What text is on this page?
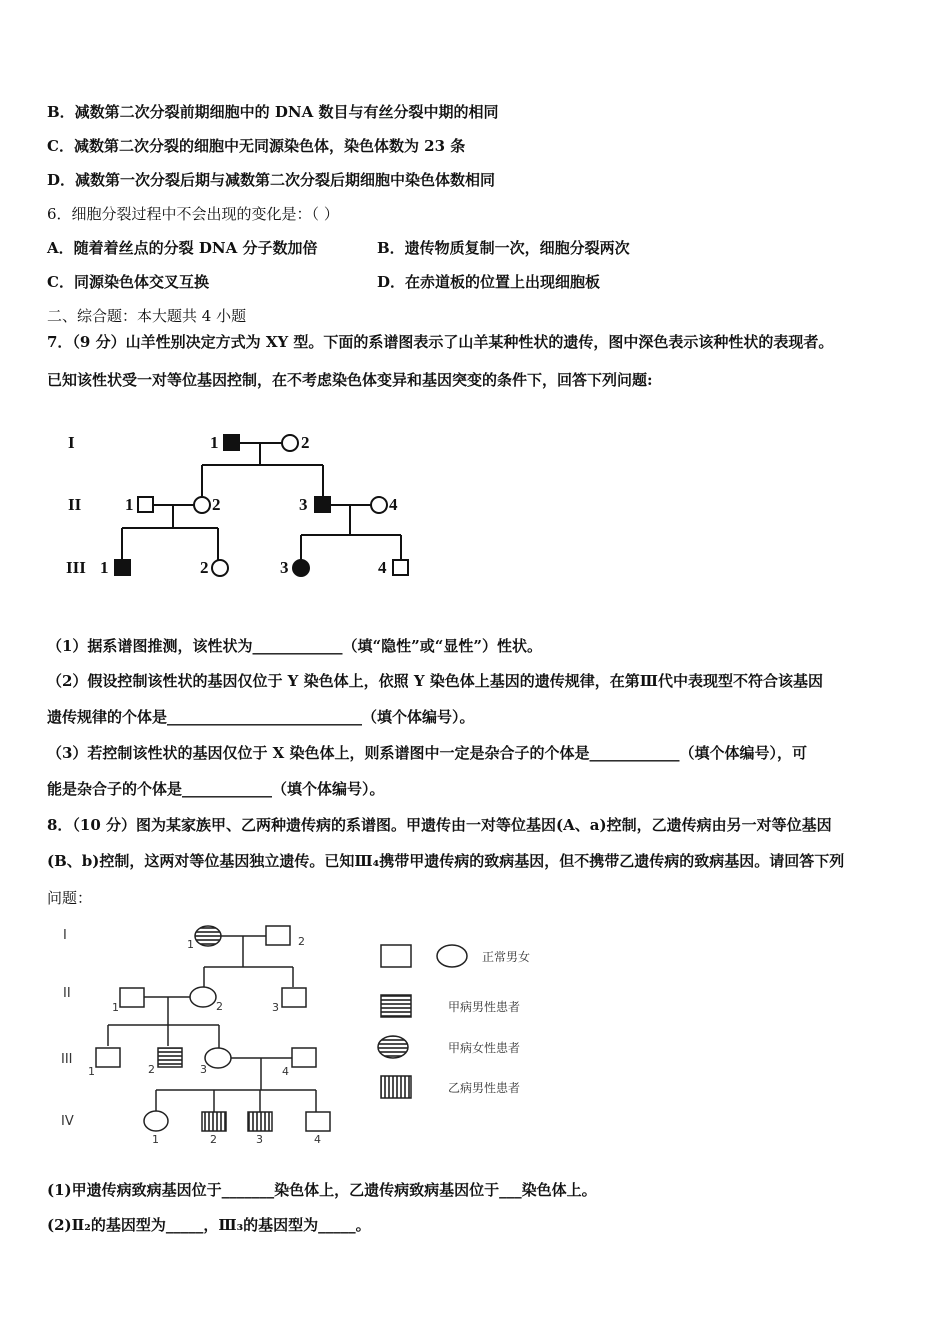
B．减数第二次分裂前期细胞中的 DNA 数目与有丝分裂中期的相同
C．减数第二次分裂的细胞中无同源染色体，染色体数为 23 条
D．减数第一次分裂后期与减数第二次分裂后期细胞中染色体数相同
6．细胞分裂过程中不会出现的变化是：（ ）
A．随着着丝点的分裂 DNA 分子数加倍	B．遗传物质复制一次，细胞分裂两次
C．同源染色体交叉互换	D．在赤道板的位置上出现细胞板
二、综合题：本大题共 4 小题
7．（9 分）山羊性别决定方式为 XY 型。下面的系谱图表示了山羊某种性状的遗传，图中深色表示该种性状的表现者。
已知该性状受一对等位基因控制，在不考虑染色体变异和基因突变的条件下，回答下列问题:
I
II
III
1	2
1	2	3	4
1	2	3	4
（1）据系谱图推测，该性状为____________（填“隐性”或“显性”）性状。
（2）假设控制该性状的基因仅位于 Y 染色体上，依照 Y 染色体上基因的遗传规律，在第Ⅲ代中表现型不符合该基因
遗传规律的个体是__________________________（填个体编号）。
（3）若控制该性状的基因仅位于 X 染色体上，则系谱图中一定是杂合子的个体是____________（填个体编号），可
能是杂合子的个体是____________（填个体编号）。
8．（10 分）图为某家族甲、乙两种遗传病的系谱图。甲遗传由一对等位基因(A、a)控制，乙遗传病由另一对等位基因
(B、b)控制，这两对等位基因独立遗传。已知Ⅲ₄携带甲遗传病的致病基因，但不携带乙遗传病的致病基因。请回答下列
问题：
I
II
III
IV
1	2
1	2	3
1	2	3	4
1	2	3	4
正常男女
甲病男性患者
甲病女性患者
乙病男性患者
(1)甲遗传病致病基因位于_______染色体上，乙遗传病致病基因位于___染色体上。
(2)Ⅱ₂的基因型为_____，Ⅲ₃的基因型为_____。
